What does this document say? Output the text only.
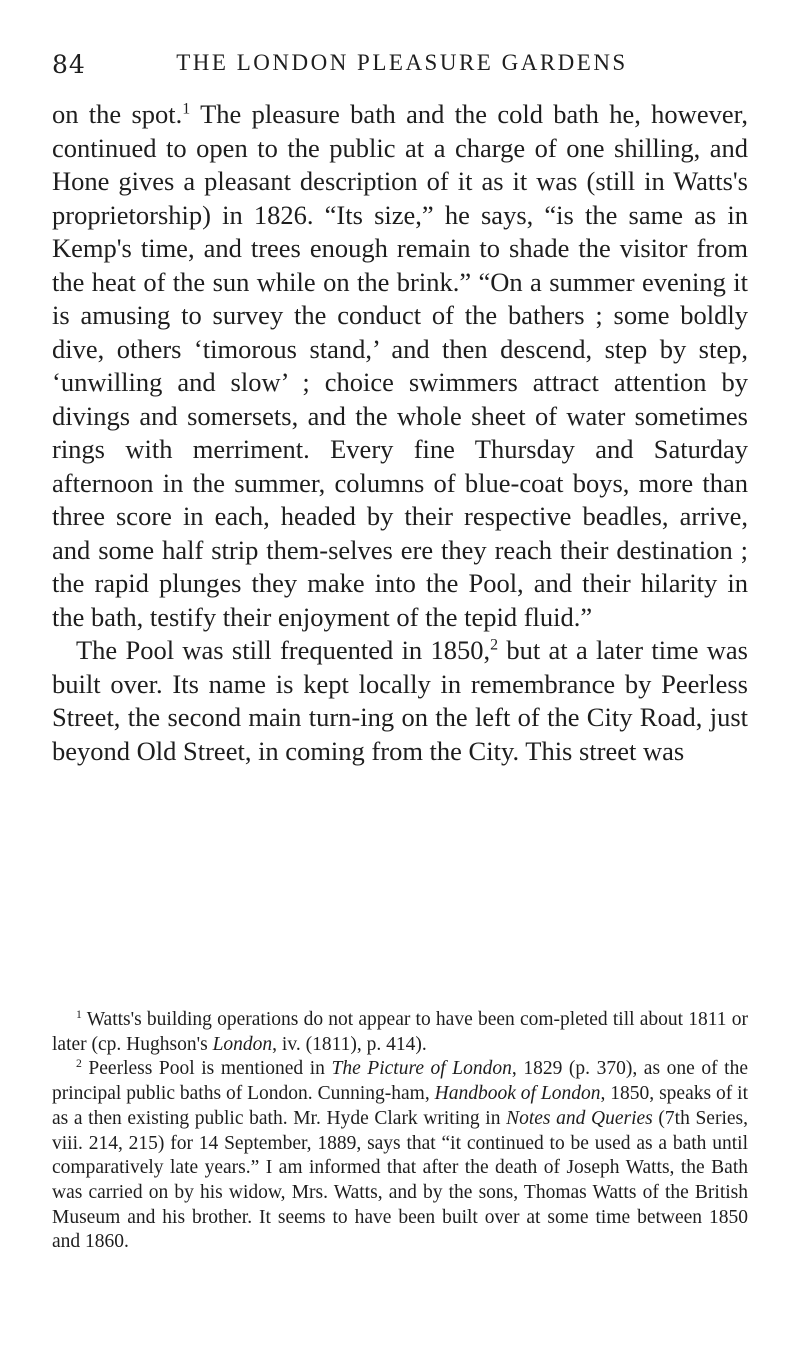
84	THE LONDON PLEASURE GARDENS

on the spot.$^1$ The pleasure bath and the cold bath he, however, continued to open to the public at a charge of one shilling, and Hone gives a pleasant description of it as it was (still in Watts's proprietorship) in 1826. “Its size,” he says, “is the same as in Kemp's time, and trees enough remain to shade the visitor from the heat of the sun while on the brink.” “On a summer evening it is amusing to survey the conduct of the bathers ; some boldly dive, others ‘timorous stand,’ and then descend, step by step, ‘unwilling and slow’ ; choice swimmers attract attention by divings and somersets, and the whole sheet of water sometimes rings with merriment. Every fine Thursday and Saturday afternoon in the summer, columns of blue-coat boys, more than three score in each, headed by their respective beadles, arrive, and some half strip them-selves ere they reach their destination ; the rapid plunges they make into the Pool, and their hilarity in the bath, testify their enjoyment of the tepid fluid.”

The Pool was still frequented in 1850,$^2$ but at a later time was built over. Its name is kept locally in remembrance by Peerless Street, the second main turn-ing on the left of the City Road, just beyond Old Street, in coming from the City. This street was

$^1$ Watts's building operations do not appear to have been com-pleted till about 1811 or later (cp. Hughson's London, iv. (1811), p. 414).

$^2$ Peerless Pool is mentioned in The Picture of London, 1829 (p. 370), as one of the principal public baths of London. Cunning-ham, Handbook of London, 1850, speaks of it as a then existing public bath. Mr. Hyde Clark writing in Notes and Queries (7th Series, viii. 214, 215) for 14 September, 1889, says that “it continued to be used as a bath until comparatively late years.” I am informed that after the death of Joseph Watts, the Bath was carried on by his widow, Mrs. Watts, and by the sons, Thomas Watts of the British Museum and his brother. It seems to have been built over at some time between 1850 and 1860.
